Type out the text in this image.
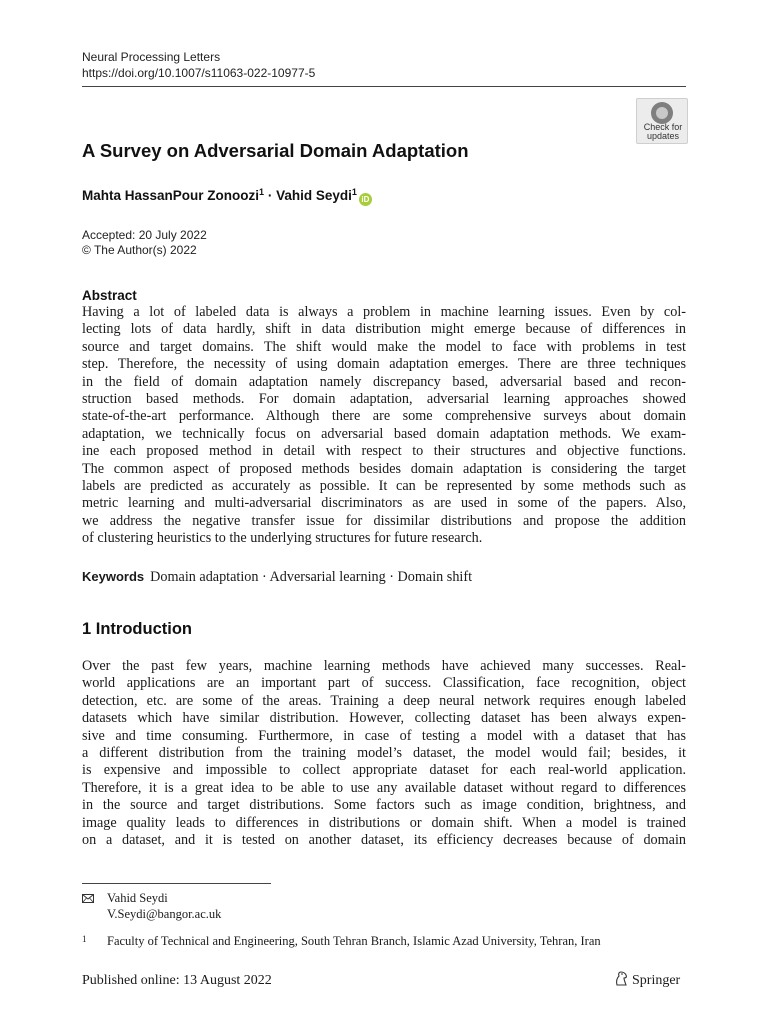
Neural Processing Letters
https://doi.org/10.1007/s11063-022-10977-5
Check for
updates
A Survey on Adversarial Domain Adaptation
Mahta HassanPour Zonoozi$^1$ · Vahid Seydi$^1$iD
Accepted: 20 July 2022
© The Author(s) 2022
Abstract
Having a lot of labeled data is always a problem in machine learning issues. Even by col-
lecting lots of data hardly, shift in data distribution might emerge because of differences in
source and target domains. The shift would make the model to face with problems in test
step. Therefore, the necessity of using domain adaptation emerges. There are three techniques
in the field of domain adaptation namely discrepancy based, adversarial based and recon-
struction based methods. For domain adaptation, adversarial learning approaches showed
state-of-the-art performance. Although there are some comprehensive surveys about domain
adaptation, we technically focus on adversarial based domain adaptation methods. We exam-
ine each proposed method in detail with respect to their structures and objective functions.
The common aspect of proposed methods besides domain adaptation is considering the target
labels are predicted as accurately as possible. It can be represented by some methods such as
metric learning and multi-adversarial discriminators as are used in some of the papers. Also,
we address the negative transfer issue for dissimilar distributions and propose the addition
of clustering heuristics to the underlying structures for future research.
Keywords Domain adaptation · Adversarial learning · Domain shift
1 Introduction
Over the past few years, machine learning methods have achieved many successes. Real-
world applications are an important part of success. Classification, face recognition, object
detection, etc. are some of the areas. Training a deep neural network requires enough labeled
datasets which have similar distribution. However, collecting dataset has been always expen-
sive and time consuming. Furthermore, in case of testing a model with a dataset that has
a different distribution from the training model’s dataset, the model would fail; besides, it
is expensive and impossible to collect appropriate dataset for each real-world application.
Therefore, it is a great idea to be able to use any available dataset without regard to differences
in the source and target distributions. Some factors such as image condition, brightness, and
image quality leads to differences in distributions or domain shift. When a model is trained
on a dataset, and it is tested on another dataset, its efficiency decreases because of domain
Vahid Seydi
V.Seydi@bangor.ac.uk
1 Faculty of Technical and Engineering, South Tehran Branch, Islamic Azad University, Tehran, Iran
Published online: 13 August 2022	Springer
